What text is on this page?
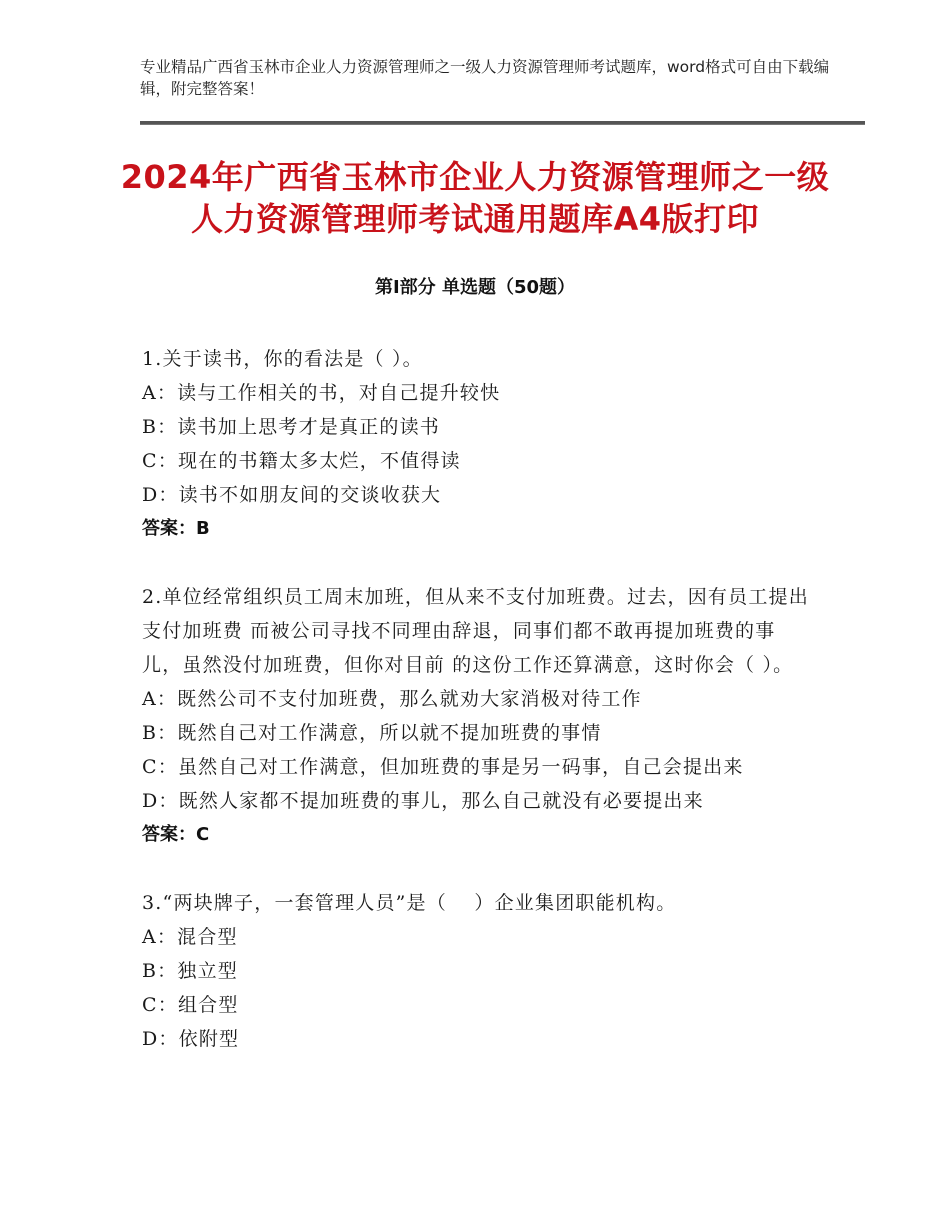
专业精品广西省玉林市企业人力资源管理师之一级人力资源管理师考试题库，word格式可自由下载编辑，附完整答案！
2024年广西省玉林市企业人力资源管理师之一级人力资源管理师考试通用题库A4版打印
第Ⅰ部分 单选题（50题）
1.关于读书，你的看法是（ ）。
A：读与工作相关的书，对自己提升较快
B：读书加上思考才是真正的读书
C：现在的书籍太多太烂，不值得读
D：读书不如朋友间的交谈收获大
答案：B
2.单位经常组织员工周末加班，但从来不支付加班费。过去，因有员工提出支付加班费 而被公司寻找不同理由辞退，同事们都不敢再提加班费的事儿，虽然没付加班费，但你对目前 的这份工作还算满意，这时你会（ ）。
A：既然公司不支付加班费，那么就劝大家消极对待工作
B：既然自己对工作满意，所以就不提加班费的事情
C：虽然自己对工作满意，但加班费的事是另一码事，自己会提出来
D：既然人家都不提加班费的事儿，那么自己就没有必要提出来
答案：C
3.“两块牌子，一套管理人员”是（　 ）企业集团职能机构。
A：混合型
B：独立型
C：组合型
D：依附型
